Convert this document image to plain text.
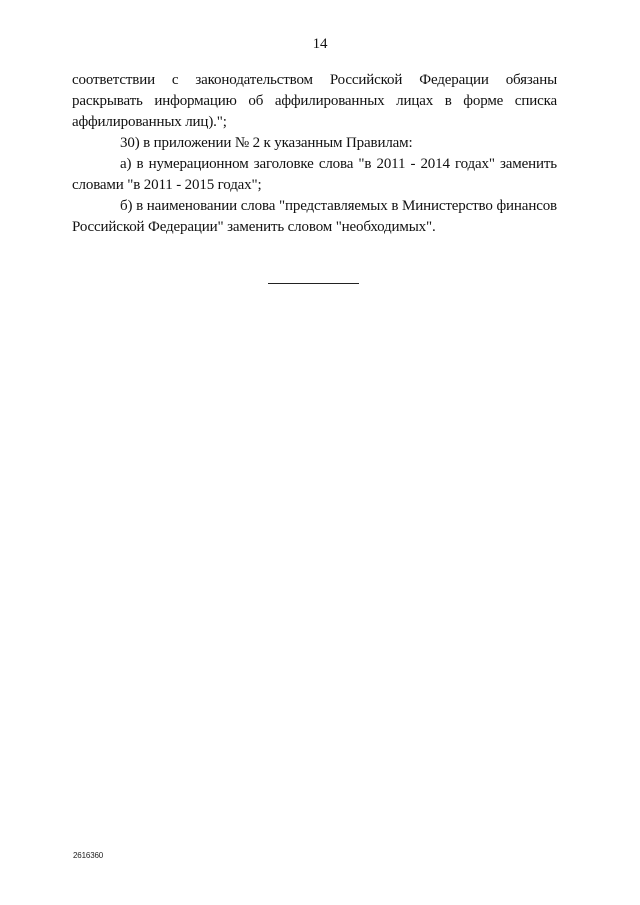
14

соответствии с законодательством Российской Федерации обязаны раскрывать информацию об аффилированных лицах в форме списка аффилированных лиц).";

30) в приложении № 2 к указанным Правилам:

а) в нумерационном заголовке слова "в 2011 - 2014 годах" заменить словами "в 2011 - 2015 годах";

б) в наименовании слова "представляемых в Министерство финансов Российской Федерации" заменить словом "необходимых".

2616360
